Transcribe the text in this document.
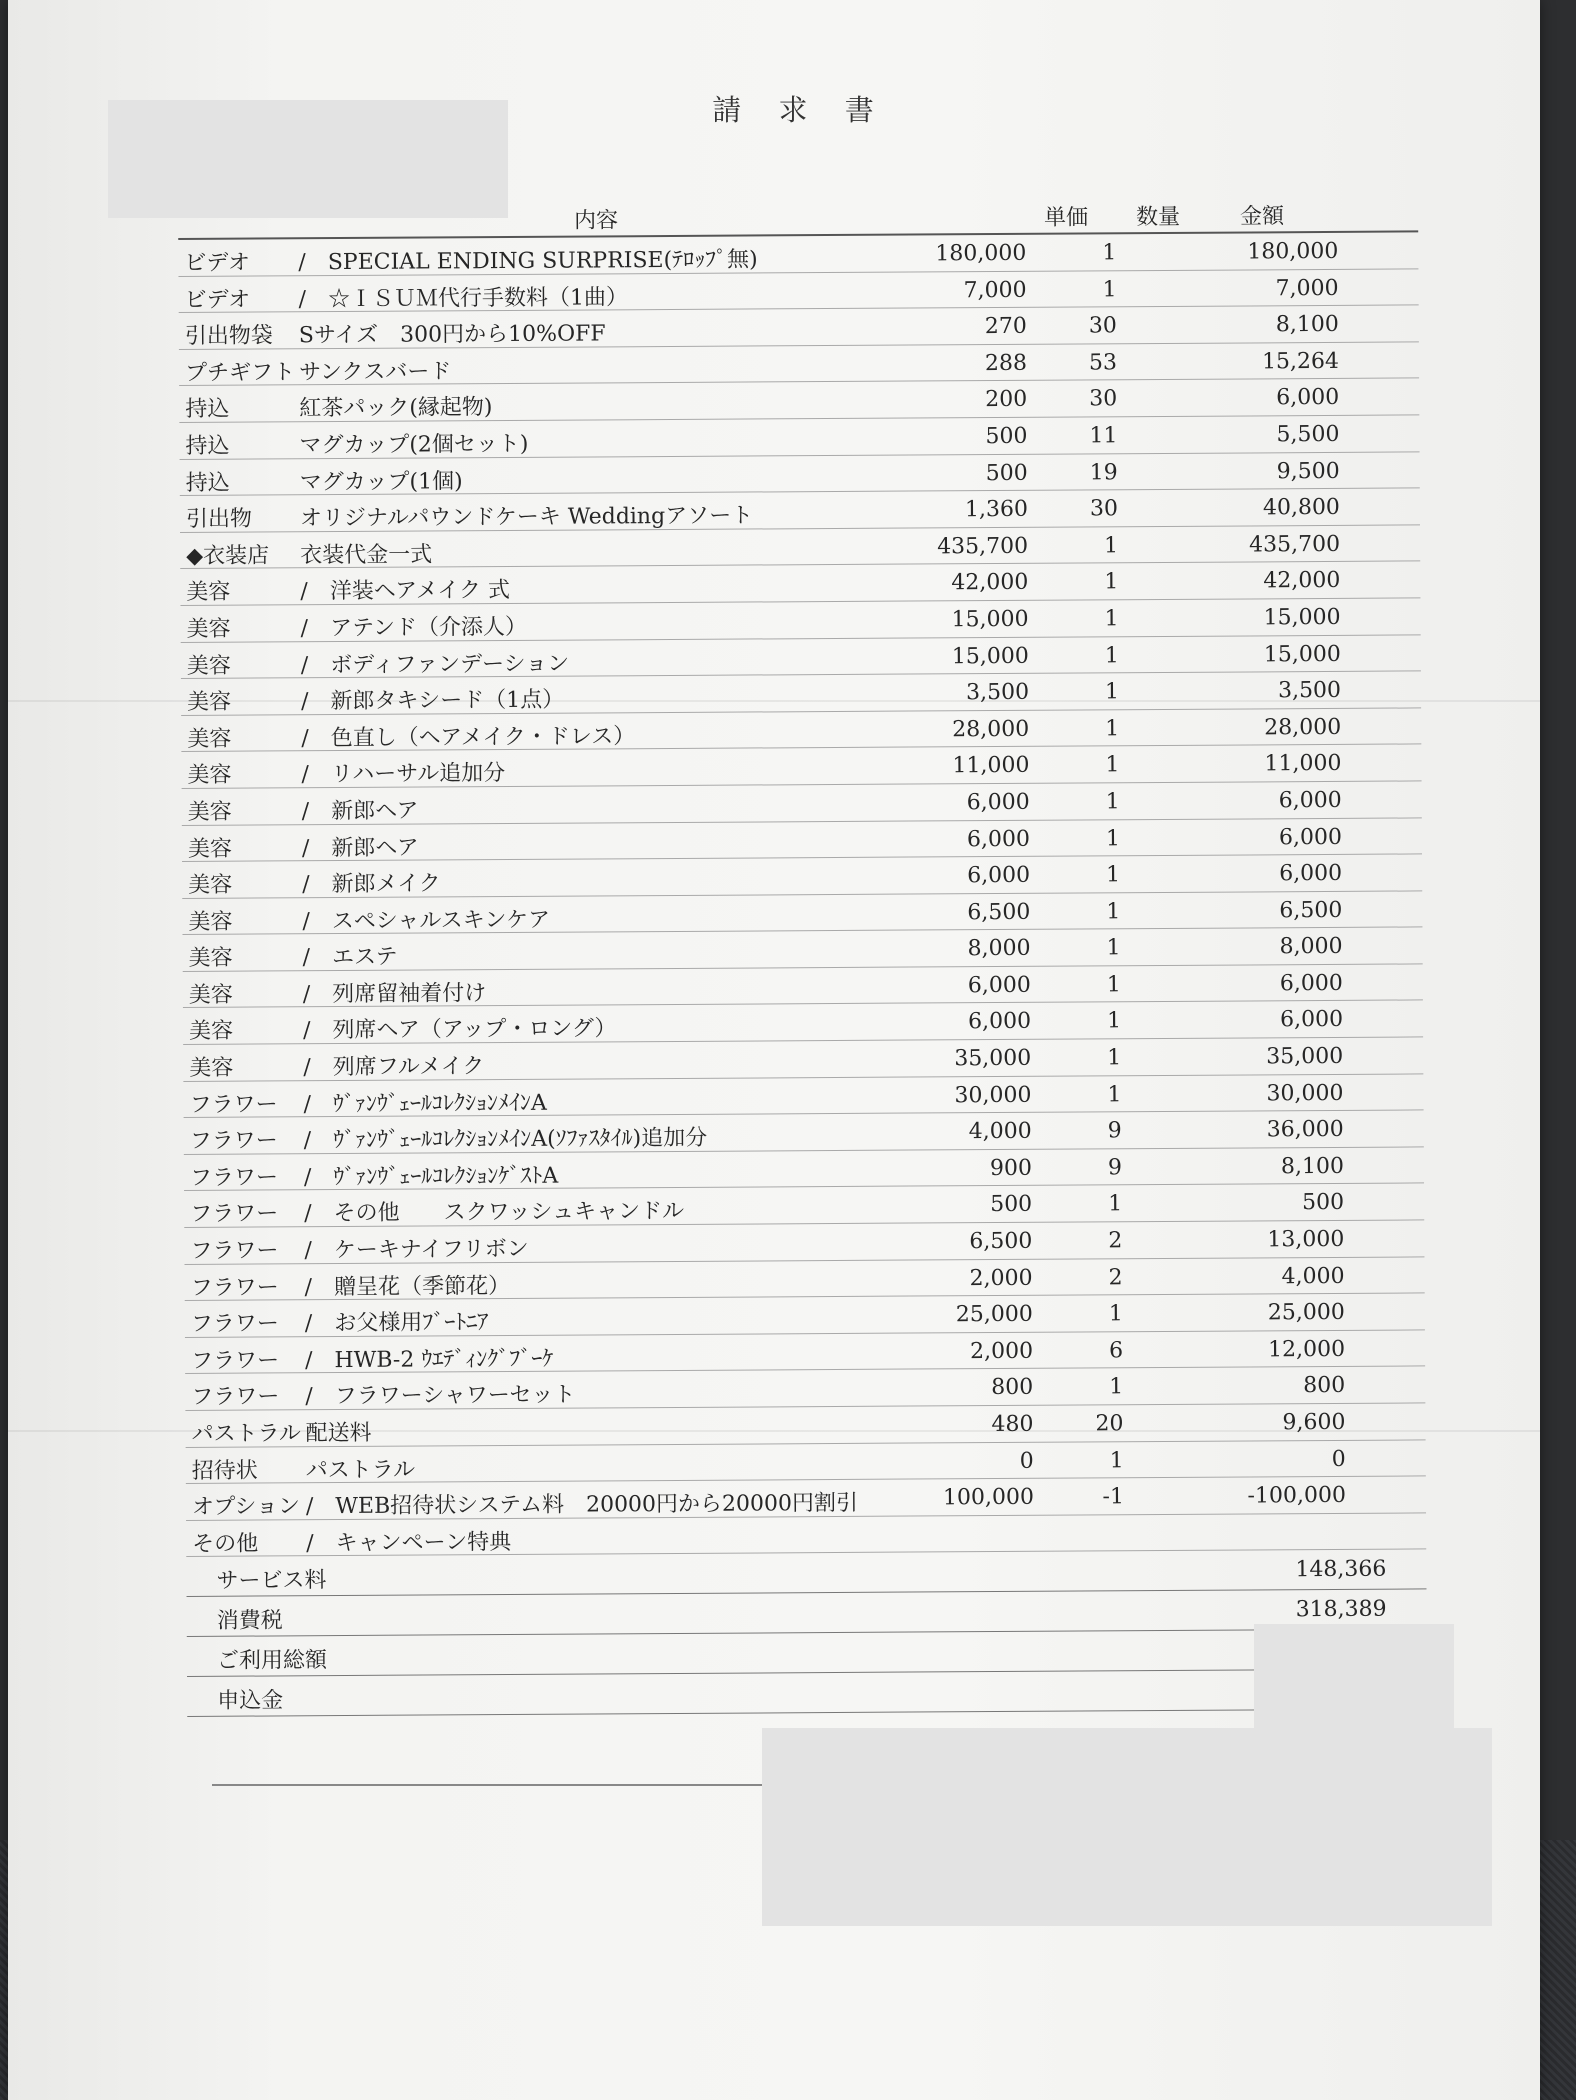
請 求 書
内容	単価 数量	金額
ビデオ /　SPECIAL ENDING SURPRISE(ﾃﾛｯﾌﾟ無)	180,000	1	180,000
ビデオ /　☆ＩＳＵＭ代行手数料（1曲）	7,000	1	7,000
引出物袋 Sサイズ　300円から10%OFF	270	30	8,100
プチギフト サンクスバード	288	53	15,264
持込	紅茶パック(縁起物)	200	30	6,000
持込	マグカップ(2個セット)	500	11	5,500
持込	マグカップ(1個)	500	19	9,500
引出物 オリジナルパウンドケーキ Weddingアソート	1,360	30	40,800
◆衣装店 衣装代金一式	435,700	1	435,700
美容	/　洋装ヘアメイク 式	42,000	1	42,000
美容	/　アテンド（介添人）	15,000	1	15,000
美容	/　ボディファンデーション	15,000	1	15,000
美容	/　新郎タキシード（1点）	3,500	1	3,500
美容	/　色直し（ヘアメイク・ドレス）	28,000	1	28,000
美容	/　リハーサル追加分	11,000	1	11,000
美容	/　新郎ヘア	6,000	1	6,000
美容	/　新郎ヘア	6,000	1	6,000
美容	/　新郎メイク	6,000	1	6,000
美容	/　スペシャルスキンケア	6,500	1	6,500
美容	/　エステ	8,000	1	8,000
美容	/　列席留袖着付け	6,000	1	6,000
美容	/　列席ヘア（アップ・ロング）	6,000	1	6,000
美容	/　列席フルメイク	35,000	1	35,000
フラワー /　ｳﾞｧﾝｳﾞｪｰﾙｺﾚｸｼｮﾝﾒｲﾝA	30,000	1	30,000
フラワー /　ｳﾞｧﾝｳﾞｪｰﾙｺﾚｸｼｮﾝﾒｲﾝA(ｿﾌｧｽﾀｲﾙ)追加分	4,000	9	36,000
フラワー /　ｳﾞｧﾝｳﾞｪｰﾙｺﾚｸｼｮﾝｹﾞｽﾄA	900	9	8,100
フラワー /　その他　　スクワッシュキャンドル	500	1	500
フラワー /　ケーキナイフリボン	6,500	2	13,000
フラワー /　贈呈花（季節花）	2,000	2	4,000
フラワー /　お父様用ﾌﾞｰﾄﾆｱ	25,000	1	25,000
フラワー /　HWB-2 ｳｴﾃﾞｨﾝｸﾞﾌﾞｰｹ	2,000	6	12,000
フラワー /　フラワーシャワーセット	800	1	800
パストラル 配送料	480	20	9,600
招待状 パストラル	0	1	0
オプション /　WEB招待状システム料　20000円から20000円割引	100,000	-1	-100,000
その他 /　キャンペーン特典
サービス料	148,366
消費税	318,389
ご利用総額
申込金
